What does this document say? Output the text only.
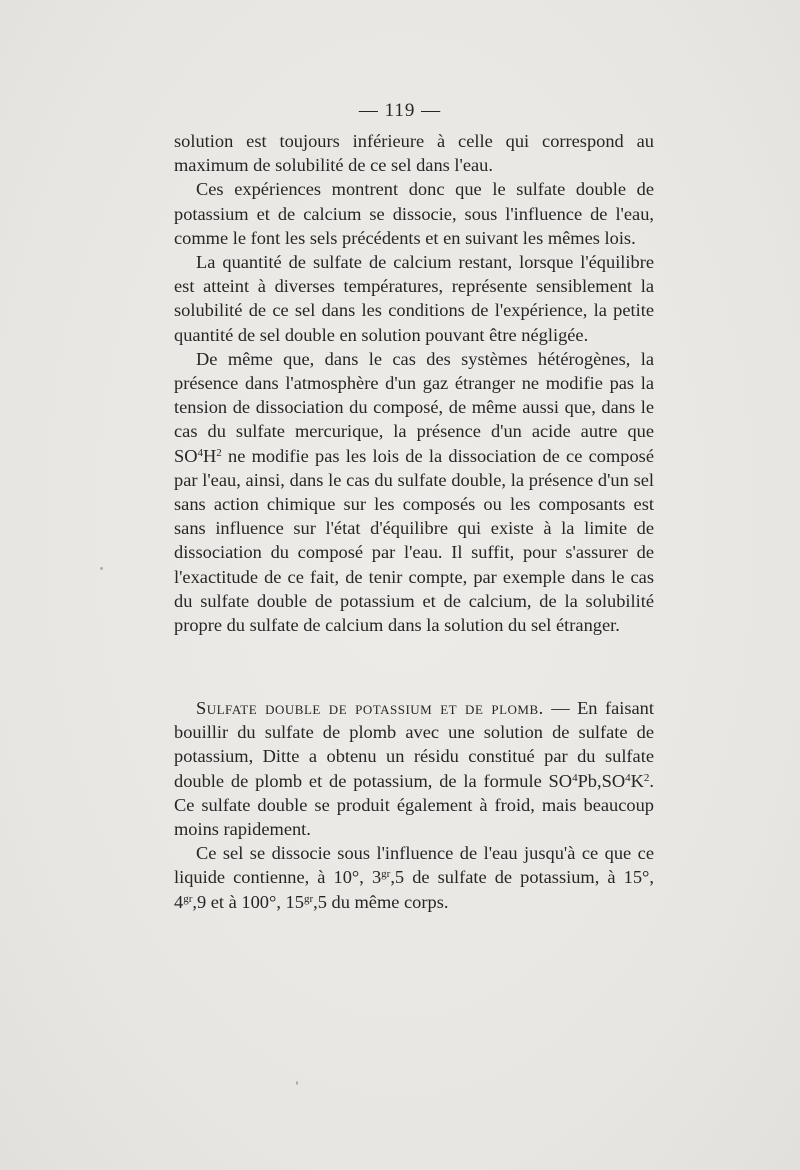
— 119 —

solution est toujours inférieure à celle qui correspond au maximum de solubilité de ce sel dans l'eau.

Ces expériences montrent donc que le sulfate double de potassium et de calcium se dissocie, sous l'influence de l'eau, comme le font les sels précédents et en suivant les mêmes lois.

La quantité de sulfate de calcium restant, lorsque l'équilibre est atteint à diverses températures, représente sensiblement la solubilité de ce sel dans les conditions de l'expérience, la petite quantité de sel double en solution pouvant être négligée.

De même que, dans le cas des systèmes hétérogènes, la présence dans l'atmosphère d'un gaz étranger ne modifie pas la tension de dissociation du composé, de même aussi que, dans le cas du sulfate mercurique, la présence d'un acide autre que $SO^4H^2$ ne modifie pas les lois de la dissociation de ce composé par l'eau, ainsi, dans le cas du sulfate double, la présence d'un sel sans action chimique sur les composés ou les composants est sans influence sur l'état d'équilibre qui existe à la limite de dissociation du composé par l'eau. Il suffit, pour s'assurer de l'exactitude de ce fait, de tenir compte, par exemple dans le cas du sulfate double de potassium et de calcium, de la solubilité propre du sulfate de calcium dans la solution du sel étranger.

Sulfate double de potassium et de plomb. — En faisant bouillir du sulfate de plomb avec une solution de sulfate de potassium, Ditte a obtenu un résidu constitué par du sulfate double de plomb et de potassium, de la formule $SO^4Pb,SO^4K^2$. Ce sulfate double se produit également à froid, mais beaucoup moins rapidement.

Ce sel se dissocie sous l'influence de l'eau jusqu'à ce que ce liquide contienne, à 10°, $3^{gr},5$ de sulfate de potassium, à 15°, $4^{gr},9$ et à 100°, $15^{gr},5$ du même corps.
